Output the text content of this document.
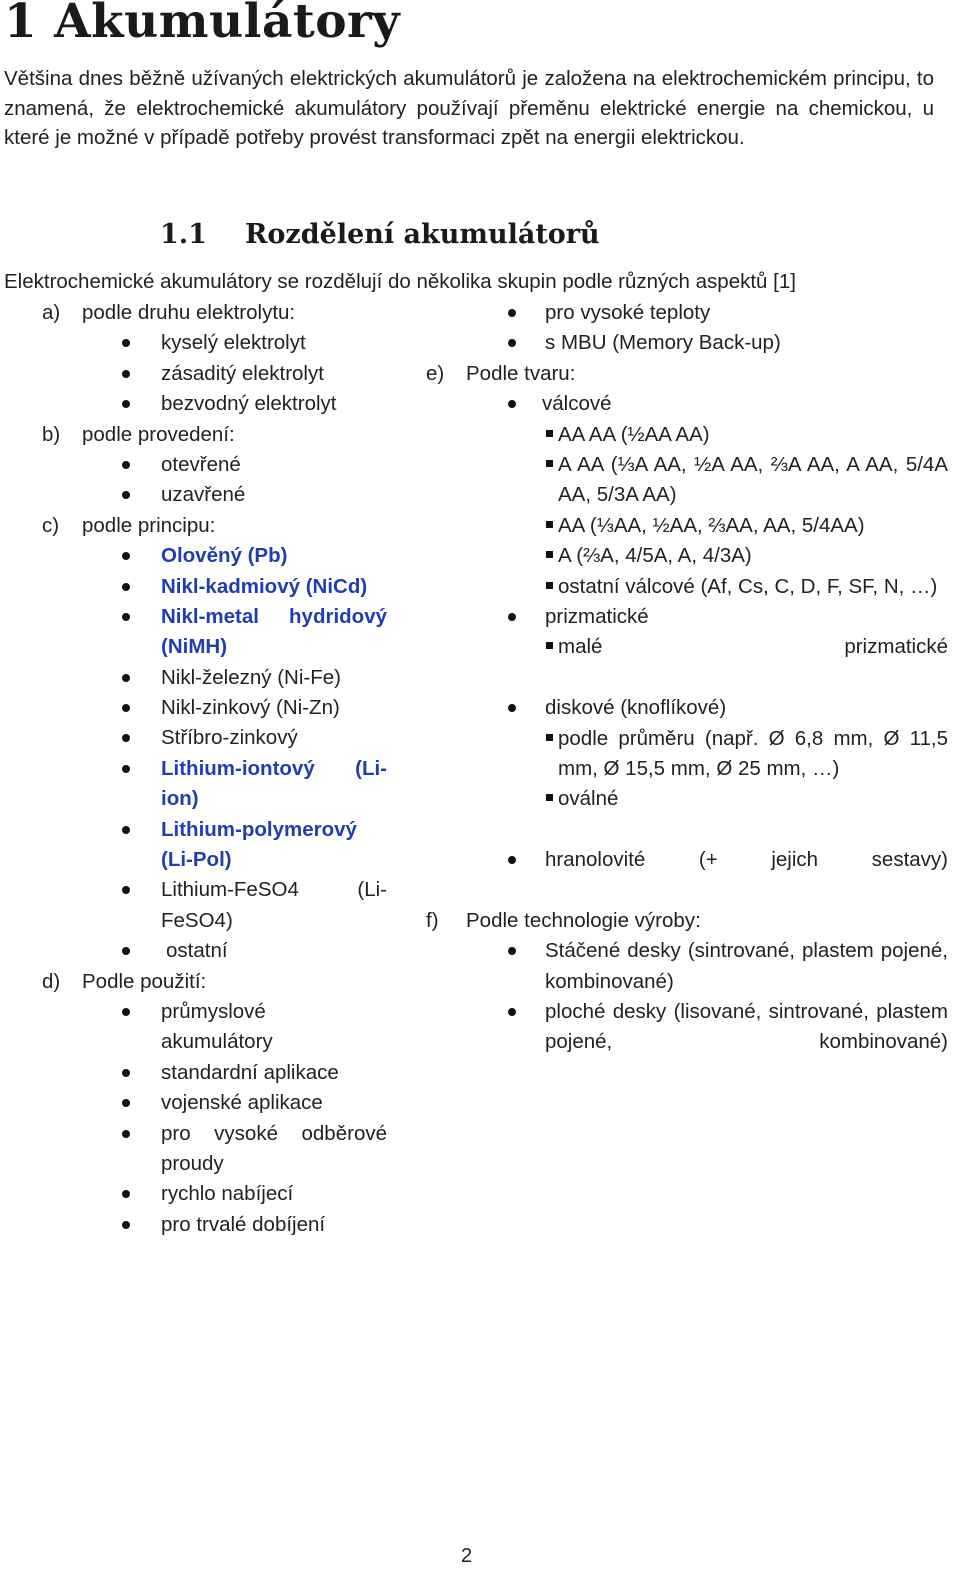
1 Akumulátory
Většina dnes běžně užívaných elektrických akumulátorů je založena na elektrochemickém principu, to znamená, že elektrochemické akumulátory používají přeměnu elektrické energie na chemickou, u které je možné v případě potřeby provést transformaci zpět na energii elektrickou.
1.1 Rozdělení akumulátorů
Elektrochemické akumulátory se rozdělují do několika skupin podle různých aspektů [1]
a) podle druhu elektrolytu:
kyselý elektrolyt
zásaditý elektrolyt
bezvodný elektrolyt
b) podle provedení:
otevřené
uzavřené
c) podle principu:
Olověný (Pb)
Nikl-kadmiový (NiCd)
Nikl-metal hydridový (NiMH)
Nikl-železný (Ni-Fe)
Nikl-zinkový (Ni-Zn)
Stříbro-zinkový
Lithium-iontový (Li-ion)
Lithium-polymerový (Li-Pol)
Lithium-FeSO4 (Li-FeSO4)
ostatní
d) Podle použití:
průmyslové akumulátory
standardní aplikace
vojenské aplikace
pro vysoké odběrové proudy
rychlo nabíjecí
pro trvalé dobíjení
pro vysoké teploty
s MBU (Memory Back-up)
e) Podle tvaru:
válcové
AA AA (½AA AA)
A AA (⅓A AA, ½A AA, ⅔A AA, A AA, 5/4A AA, 5/3A AA)
AA (⅓AA, ½AA, ⅔AA, AA, 5/4AA)
A (⅔A, 4/5A, A, 4/3A)
ostatní válcové (Af, Cs, C, D, F, SF, N, …)
prizmatické
malé prizmatické
diskové (knoflíkové)
podle průměru (např. Ø 6,8 mm, Ø 11,5 mm, Ø 15,5 mm, Ø 25 mm, …)
oválné
hranolovité (+ jejich sestavy)
f) Podle technologie výroby:
Stáčené desky (sintrované, plastem pojené, kombinované)
ploché desky (lisované, sintrované, plastem pojené, kombinované)
2
